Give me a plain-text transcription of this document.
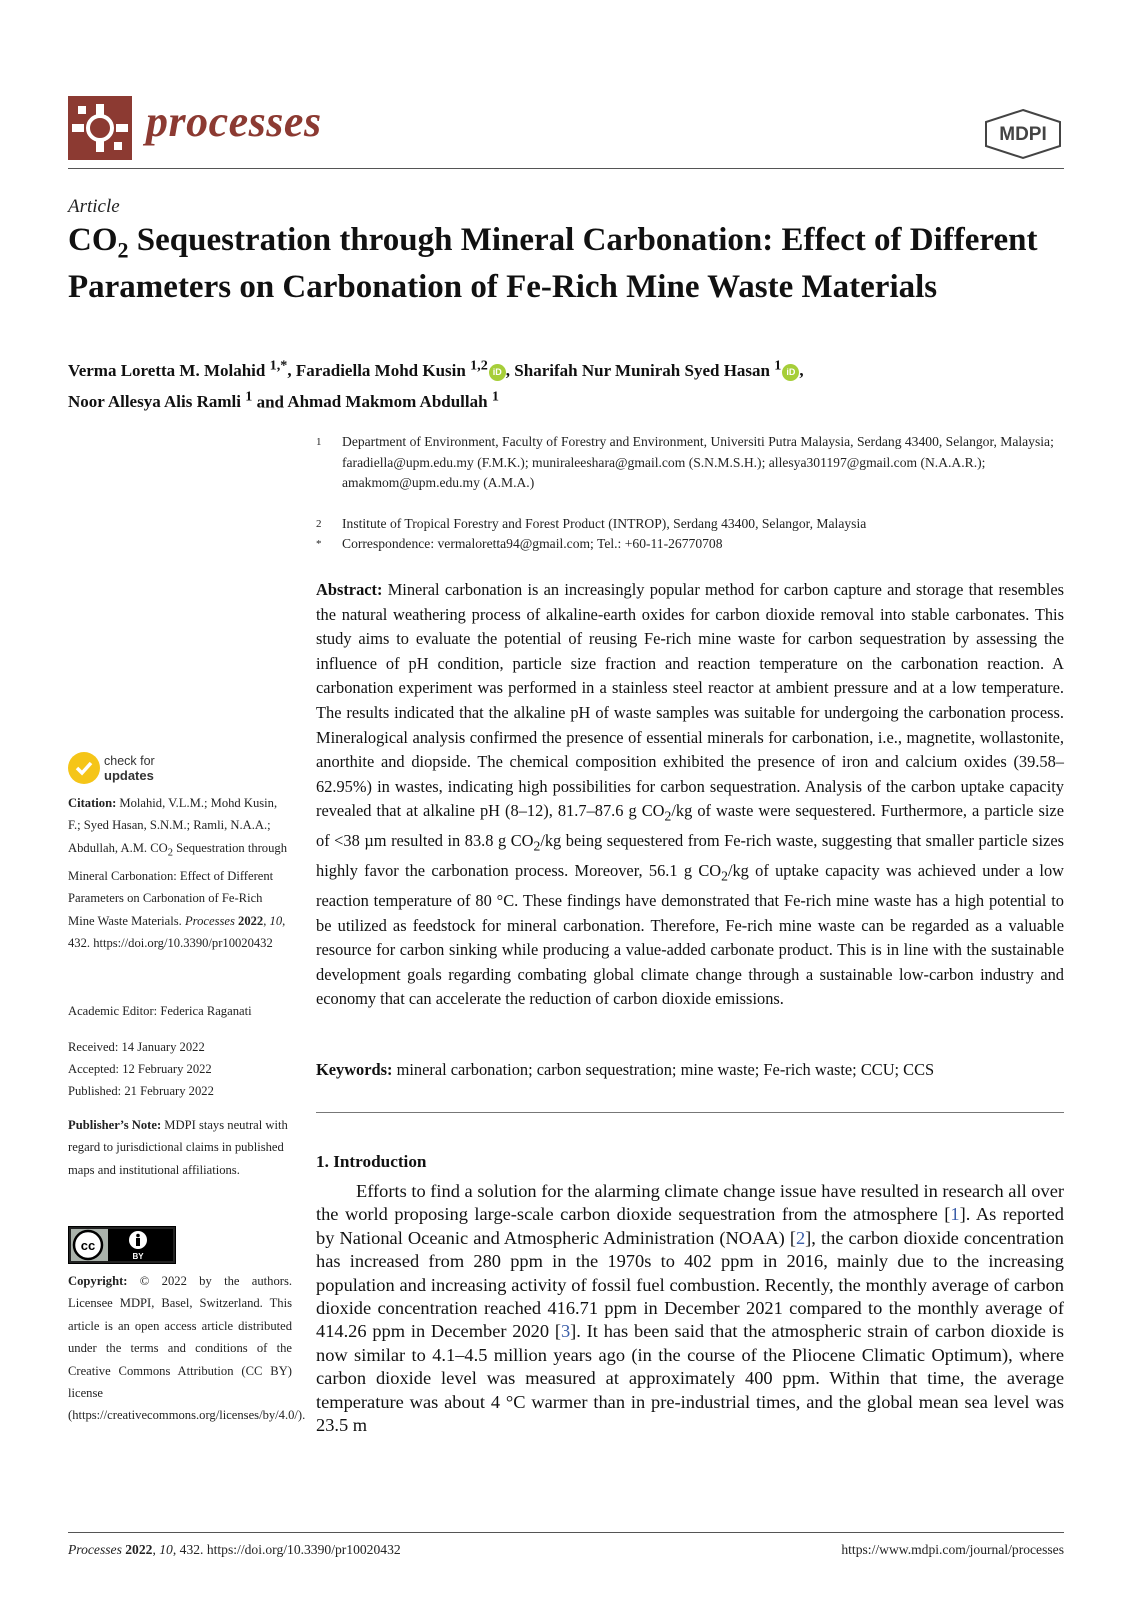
processes	MDPI
Article
$CO_2$ Sequestration through Mineral Carbonation: Effect of Different Parameters on Carbonation of Fe-Rich Mine Waste Materials
Verma Loretta M. Molahid $^{1,*}$, Faradiella Mohd Kusin $^{1,2}$ iD , Sharifah Nur Munirah Syed Hasan $^1$ iD ,
Noor Allesya Alis Ramli $^1$ and Ahmad Makmom Abdullah $^1$
1 Department of Environment, Faculty of Forestry and Environment, Universiti Putra Malaysia, Serdang 43400, Selangor, Malaysia; faradiella@upm.edu.my (F.M.K.); muniraleeshara@gmail.com (S.N.M.S.H.); allesya301197@gmail.com (N.A.A.R.); amakmom@upm.edu.my (A.M.A.)
2 Institute of Tropical Forestry and Forest Product (INTROP), Serdang 43400, Selangor, Malaysia
* Correspondence: vermaloretta94@gmail.com; Tel.: +60-11-26770708
Abstract: Mineral carbonation is an increasingly popular method for carbon capture and storage that resembles the natural weathering process of alkaline-earth oxides for carbon dioxide removal into stable carbonates. This study aims to evaluate the potential of reusing Fe-rich mine waste for carbon sequestration by assessing the influence of pH condition, particle size fraction and reaction temperature on the carbonation reaction. A carbonation experiment was performed in a stainless steel reactor at ambient pressure and at a low temperature. The results indicated that the alkaline pH of waste samples was suitable for undergoing the carbonation process. Mineralogical analysis confirmed the presence of essential minerals for carbonation, i.e., magnetite, wollastonite, anorthite and diopside. The chemical composition exhibited the presence of iron and calcium oxides (39.58–62.95%) in wastes, indicating high possibilities for carbon sequestration. Analysis of the carbon uptake capacity revealed that at alkaline pH (8–12), 81.7–87.6 g $CO_2/kg$ of waste were sequestered. Furthermore, a particle size of <38 µm resulted in 83.8 g $CO_2/kg$ being sequestered from Fe-rich waste, suggesting that smaller particle sizes highly favor the carbonation process. Moreover, 56.1 g $CO_2/kg$ of uptake capacity was achieved under a low reaction temperature of 80 °C. These findings have demonstrated that Fe-rich mine waste has a high potential to be utilized as feedstock for mineral carbonation. Therefore, Fe-rich mine waste can be regarded as a valuable resource for carbon sinking while producing a value-added carbonate product. This is in line with the sustainable development goals regarding combating global climate change through a sustainable low-carbon industry and economy that can accelerate the reduction of carbon dioxide emissions.
Keywords: mineral carbonation; carbon sequestration; mine waste; Fe-rich waste; CCU; CCS
1. Introduction
Efforts to find a solution for the alarming climate change issue have resulted in research all over the world proposing large-scale carbon dioxide sequestration from the atmosphere [1]. As reported by National Oceanic and Atmospheric Administration (NOAA) [2], the carbon dioxide concentration has increased from 280 ppm in the 1970s to 402 ppm in 2016, mainly due to the increasing population and increasing activity of fossil fuel combustion. Recently, the monthly average of carbon dioxide concentration reached 416.71 ppm in December 2021 compared to the monthly average of 414.26 ppm in December 2020 [3]. It has been said that the atmospheric strain of carbon dioxide is now similar to 4.1–4.5 million years ago (in the course of the Pliocene Climatic Optimum), where carbon dioxide level was measured at approximately 400 ppm. Within that time, the average temperature was about 4 °C warmer than in pre-industrial times, and the global mean sea level was 23.5 m
check for
updates
Citation: Molahid, V.L.M.; Mohd Kusin, F.; Syed Hasan, S.N.M.; Ramli, N.A.A.; Abdullah, A.M. $CO_2$ Sequestration through Mineral Carbonation: Effect of Different Parameters on Carbonation of Fe-Rich Mine Waste Materials. Processes 2022, 10, 432. https://doi.org/10.3390/pr10020432
Academic Editor: Federica Raganati
Received: 14 January 2022
Accepted: 12 February 2022
Published: 21 February 2022
Publisher’s Note: MDPI stays neutral with regard to jurisdictional claims in published maps and institutional affiliations.
cc
BY
Copyright: © 2022 by the authors. Licensee MDPI, Basel, Switzerland. This article is an open access article distributed under the terms and conditions of the Creative Commons Attribution (CC BY) license (https://creativecommons.org/licenses/by/4.0/).
Processes 2022, 10, 432. https://doi.org/10.3390/pr10020432	https://www.mdpi.com/journal/processes
